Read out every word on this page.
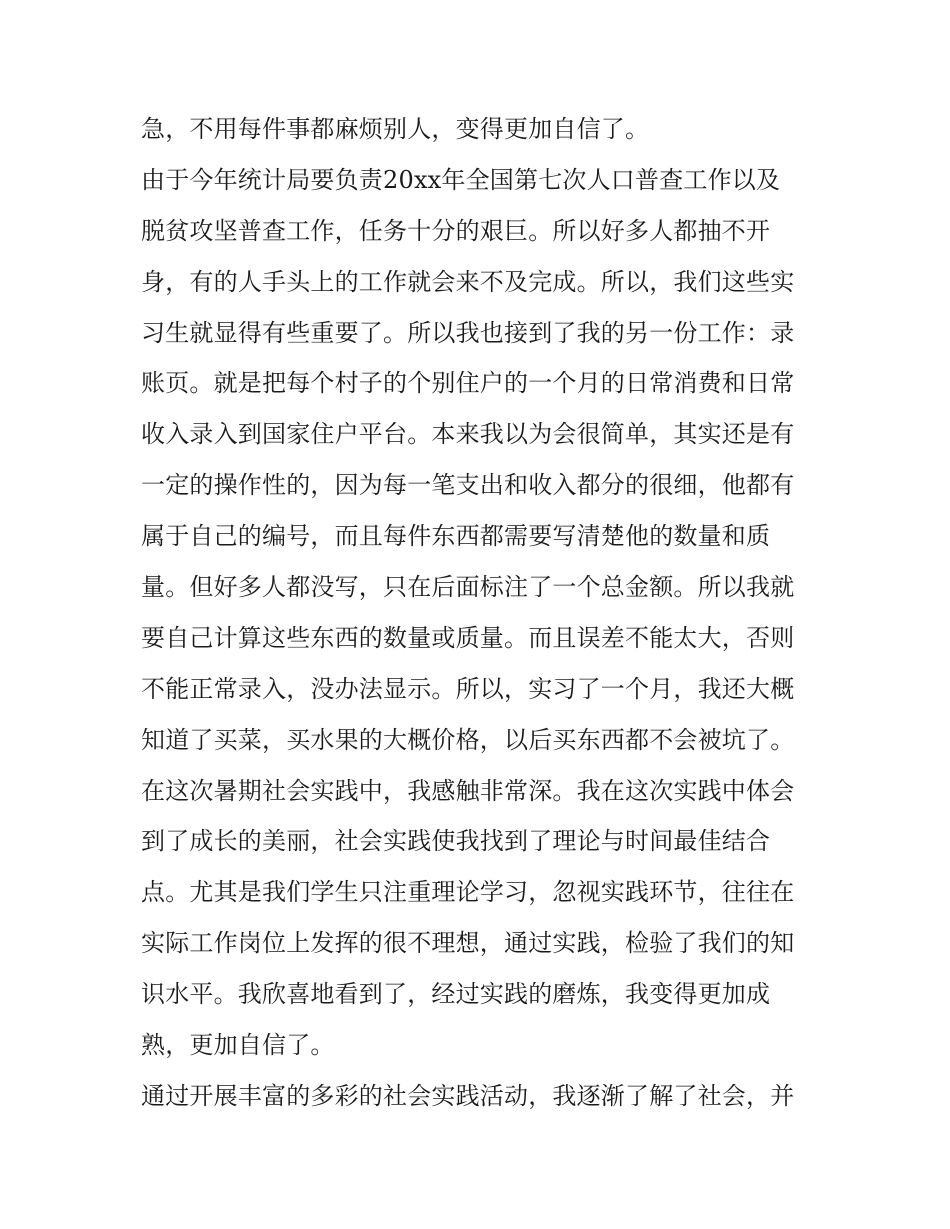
急，不用每件事都麻烦别人，变得更加自信了。
由于今年统计局要负责20xx年全国第七次人口普查工作以及
脱贫攻坚普查工作，任务十分的艰巨。所以好多人都抽不开
身，有的人手头上的工作就会来不及完成。所以，我们这些实
习生就显得有些重要了。所以我也接到了我的另一份工作：录
账页。就是把每个村子的个别住户的一个月的日常消费和日常
收入录入到国家住户平台。本来我以为会很简单，其实还是有
一定的操作性的，因为每一笔支出和收入都分的很细，他都有
属于自己的编号，而且每件东西都需要写清楚他的数量和质
量。但好多人都没写，只在后面标注了一个总金额。所以我就
要自己计算这些东西的数量或质量。而且误差不能太大，否则
不能正常录入，没办法显示。所以，实习了一个月，我还大概
知道了买菜，买水果的大概价格，以后买东西都不会被坑了。
在这次暑期社会实践中，我感触非常深。我在这次实践中体会
到了成长的美丽，社会实践使我找到了理论与时间最佳结合
点。尤其是我们学生只注重理论学习，忽视实践环节，往往在
实际工作岗位上发挥的很不理想，通过实践，检验了我们的知
识水平。我欣喜地看到了，经过实践的磨炼，我变得更加成
熟，更加自信了。
通过开展丰富的多彩的社会实践活动，我逐渐了解了社会，并
